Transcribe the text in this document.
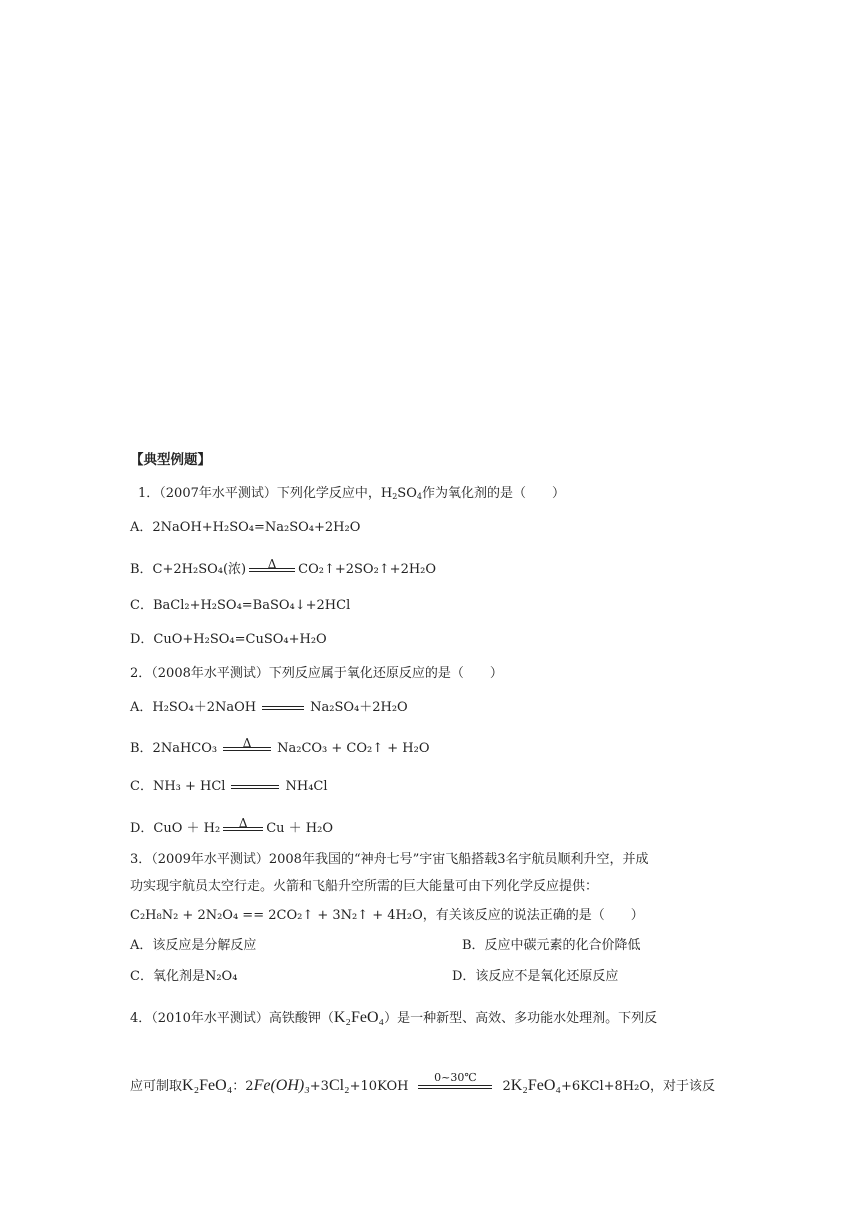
【典型例题】
1．（2007年水平测试）下列化学反应中，$H_2SO_4$作为氧化剂的是（　　）
A．2NaOH+H₂SO₄=Na₂SO₄+2H₂O
B．C+2H₂SO₄(浓) Δ CO₂↑+2SO₂↑+2H₂O
C．BaCl₂+H₂SO₄=BaSO₄↓+2HCl
D．CuO+H₂SO₄=CuSO₄+H₂O
2．（2008年水平测试）下列反应属于氧化还原反应的是（　　）
A．H₂SO₄＋2NaOH	Na₂SO₄＋2H₂O
B．2NaHCO₃ Δ Na₂CO₃ + CO₂↑ + H₂O
C．NH₃ + HCl	NH₄Cl
D．CuO ＋ H₂ Δ Cu ＋ H₂O
3．（2009年水平测试）2008年我国的“神舟七号”宇宙飞船搭载3名宇航员顺利升空，并成
功实现宇航员太空行走。火箭和飞船升空所需的巨大能量可由下列化学反应提供：
C₂H₈N₂ + 2N₂O₄ == 2CO₂↑ + 3N₂↑ + 4H₂O，有关该反应的说法正确的是（　　）
A．该反应是分解反应	B．反应中碳元素的化合价降低
C．氧化剂是N₂O₄	D．该反应不是氧化还原反应
4．（2010年水平测试）高铁酸钾（K₂FeO₄）是一种新型、高效、多功能水处理剂。下列反
应可制取K₂FeO₄：2Fe(OH)₃+3Cl₂+10KOH
0~30℃
2K₂FeO₄+6KCl+8H₂O，对于该反
